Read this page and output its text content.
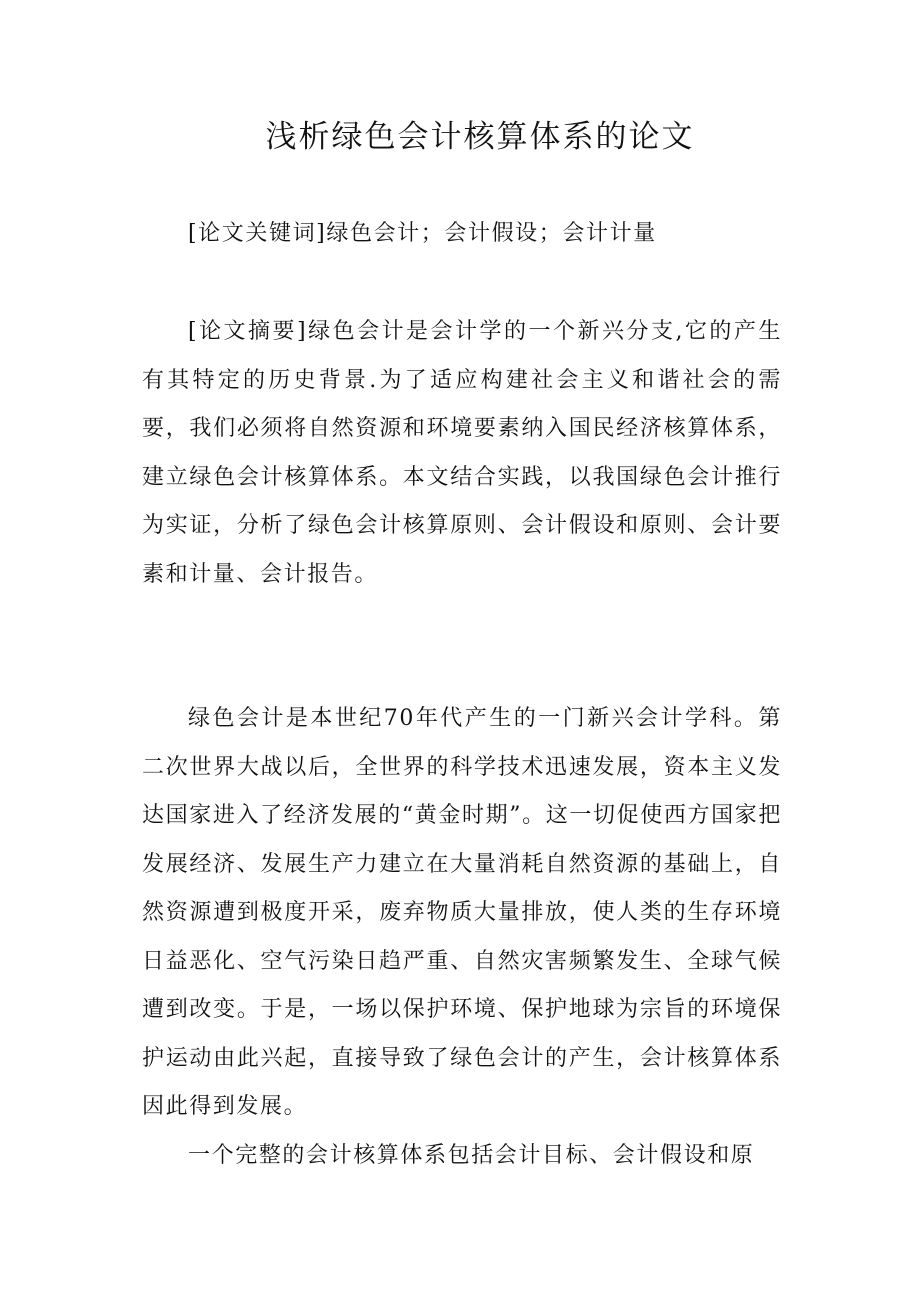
浅析绿色会计核算体系的论文

[论文关键词]绿色会计；会计假设；会计计量

[论文摘要]绿色会计是会计学的一个新兴分支,它的产生有其特定的历史背景.为了适应构建社会主义和谐社会的需要，我们必须将自然资源和环境要素纳入国民经济核算体系，建立绿色会计核算体系。本文结合实践，以我国绿色会计推行为实证，分析了绿色会计核算原则、会计假设和原则、会计要素和计量、会计报告。

绿色会计是本世纪70年代产生的一门新兴会计学科。第二次世界大战以后，全世界的科学技术迅速发展，资本主义发达国家进入了经济发展的“黄金时期”。这一切促使西方国家把发展经济、发展生产力建立在大量消耗自然资源的基础上，自然资源遭到极度开采，废弃物质大量排放，使人类的生存环境日益恶化、空气污染日趋严重、自然灾害频繁发生、全球气候遭到改变。于是，一场以保护环境、保护地球为宗旨的环境保护运动由此兴起，直接导致了绿色会计的产生，会计核算体系因此得到发展。

一个完整的会计核算体系包括会计目标、会计假设和原
